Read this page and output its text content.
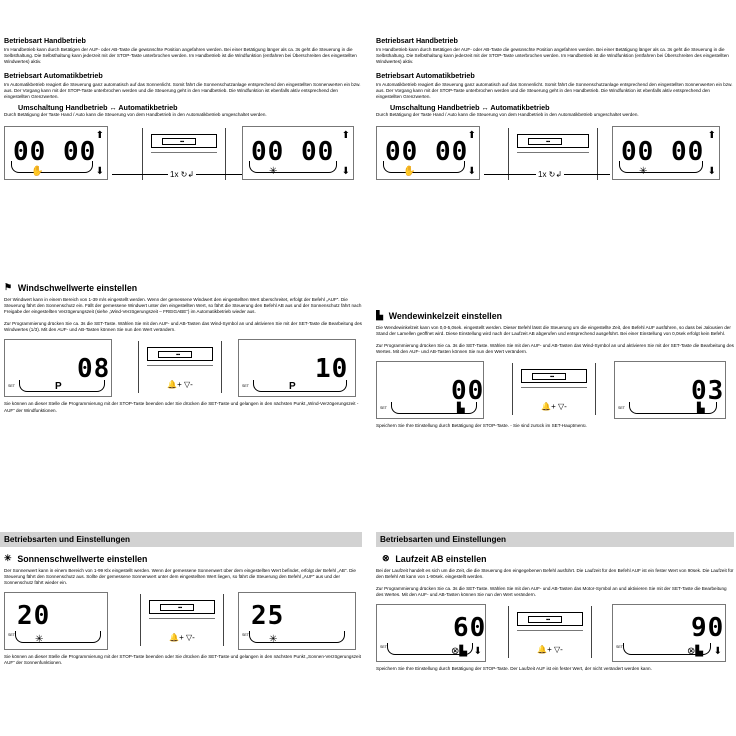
Betriebsart Handbetrieb
Im Handbetrieb kann durch Betätigen der AUF- oder AB-Taste die gewünschte Position angefahren werden. Bei einer Betätigung länger als ca. 3s geht die Steuerung in die Selbsthaltung. Die Selbsthaltung kann jederzeit mit der STOP-Taste unterbrochen werden. Im Handbetrieb ist die Windfunktion (entfahren bei Überschreiten des eingestellten Windwertes) aktiv.
Betriebsart Automatikbetrieb
Im Automatikbetrieb reagiert die Steuerung ganz automatisch auf das Sonnenlicht. Somit fährt die Sonnenschutzanlage entsprechend den eingestellten Sonnenwerten ein bzw. aus. Der Vorgang kann mit der STOP-Taste unterbrochen werden und die Steuerung geht in den Handbetrieb. Die Windfunktion ist ebenfalls aktiv entsprechend den eingestellten Grenzwerten.
Umschaltung Handbetrieb ↔ Automatikbetrieb
Durch Betätigung der Taste Hand / Auto kann die Steuerung von dem Handbetrieb in den Automatikbetrieb umgeschaltet werden.
00 00
✋
⬆
⬇
▪▪▪
1x ↻↲
00 00
✳
⬆
⬇
Betriebsart Handbetrieb
Im Handbetrieb kann durch Betätigen der AUF- oder AB-Taste die gewünschte Position angefahren werden. Bei einer Betätigung länger als ca. 3s geht die Steuerung in die Selbsthaltung. Die Selbsthaltung kann jederzeit mit der STOP-Taste unterbrochen werden. Im Handbetrieb ist die Windfunktion (entfahren bei Überschreiten des eingestellten Windwertes) aktiv.
Betriebsart Automatikbetrieb
Im Automatikbetrieb reagiert die Steuerung ganz automatisch auf das Sonnenlicht. Somit fährt die Sonnenschutzanlage entsprechend den eingestellten Sonnenwerten ein bzw. aus. Der Vorgang kann mit der STOP-Taste unterbrochen werden und die Steuerung geht in den Handbetrieb. Die Windfunktion ist ebenfalls aktiv entsprechend den eingestellten Grenzwerten.
Umschaltung Handbetrieb ↔ Automatikbetrieb
Durch Betätigung der Taste Hand / Auto kann die Steuerung von dem Handbetrieb in den Automatikbetrieb umgeschaltet werden.
00 00
✋
⬆
⬇
▪▪▪
1x ↻↲
00 00
✳
⬆
⬇
⚑ Windschwellwerte einstellen
Der Windwert kann in einem Bereich von 1-39 m/s eingestellt werden. Wenn der gemessene Windwert den eingestellten Wert überschreitet, erfolgt der Befehl „AUF“. Die Steuerung fährt den Sonnenschutz ein. Fällt der gemessene Windwert unter den eingestellten Wert, so fährt die Steuerung den Befehl AB aus und der Sonnenschutz fährt nach Freigabe der eingestellten Verzögerungszeit (siehe „Wind-Verzögerungszeit – FREIGABE“) im Automatikbetrieb wieder aus.
Zur Programmierung drücken Sie ca. 3s die SET-Taste. Wählen Sie mit den AUF- und AB-Tasten das Wind-Symbol an und aktivieren Sie mit der SET-Taste die Bearbeitung des Windwertes (1/3). Mit den AUF- und AB-Tasten können Sie nun den Wert verändern.
08
P
SET
▪▪▪
🔔+ ▽-
10
P
SET
Sie können an dieser Stelle die Programmierung mit der STOP-Taste beenden oder Sie drücken die SET-Taste und gelangen in den nächsten Punkt „Wind-Verzögerungszeit - AUF“ der Windfunktionen.
▙ Wendewinkelzeit einstellen
Die Wendewinkelzeit kann von 0,0-5,0sek. eingestellt werden. Dieser Befehl lässt die Steuerung um die eingestellte Zeit, den Befehl AUF ausführen, so dass bei Jalousien der Stand der Lamellen geöffnet wird. Diese Einstellung wird nach der Laufzeit AB abgerufen und entsprechend ausgeführt. Bei einer Einstellung von 0,0sek erfolgt kein Befehl.
Zur Programmierung drücken Sie ca. 3s die SET-Taste. Wählen Sie mit den AUF- und AB-Tasten das Wind-Symbol an und aktivieren Sie mit der SET-Taste die Bearbeitung des Wertes. Mit den AUF- und AB-Tasten können Sie nun den Wert verändern.
00
▙
SET
▪▪▪
🔔+ ▽-
03
▙
SET
Speichern Sie Ihre Einstellung durch Betätigung der STOP-Taste. - Sie sind zurück im SET-Hauptmenü.
Betriebsarten und Einstellungen
✳ Sonnenschwellwerte einstellen
Der Sonnenwert kann in einem Bereich von 1-99 Klx eingestellt werden. Wenn der gemessene Sonnenwert über dem eingestellten Wert befindet, erfolgt der Befehl „AB“. Die Steuerung fährt den Sonnenschutz aus. Sollte der gemessene Sonnenwert unter dem eingestellten Wert liegen, so fährt die Steuerung den Befehl „AUF“ aus und der Sonnenschutz fährt wieder ein.
20
✳
SET
▪▪▪
🔔+ ▽-
25
✳
SET
Sie können an dieser Stelle die Programmierung mit der STOP-Taste beenden oder Sie drücken die SET-Taste und gelangen in den nächsten Punkt „Sonnen-Verzögerungszeit AUF“ der Sonnenfunktionen.
Betriebsarten und Einstellungen
⊗ Laufzeit AB einstellen
Bei der Laufzeit handelt es sich um die Zeit, die die Steuerung den eingegebenen Befehl ausführt. Die Laufzeit für den Befehl AUF ist ein fester Wert von 90sek. Die Laufzeit für den Befehl AB kann von 1-90sek. eingestellt werden.
Zur Programmierung drücken Sie ca. 3s die SET-Taste. Wählen Sie mit den AUF- und AB-Tasten das Motor-Symbol an und aktivieren Sie mit der SET-Taste die Bearbeitung des Wertes. Mit den AUF- und AB-Tasten können Sie nun den Wert verändern.
60
⊗▙ ⬇
SET
▪▪▪
🔔+ ▽-
90
⊗▙ ⬇
SET
Speichern Sie Ihre Einstellung durch Betätigung der STOP-Taste. Der Laufzeit AUF ist ein fester Wert, der nicht verändert werden kann.
